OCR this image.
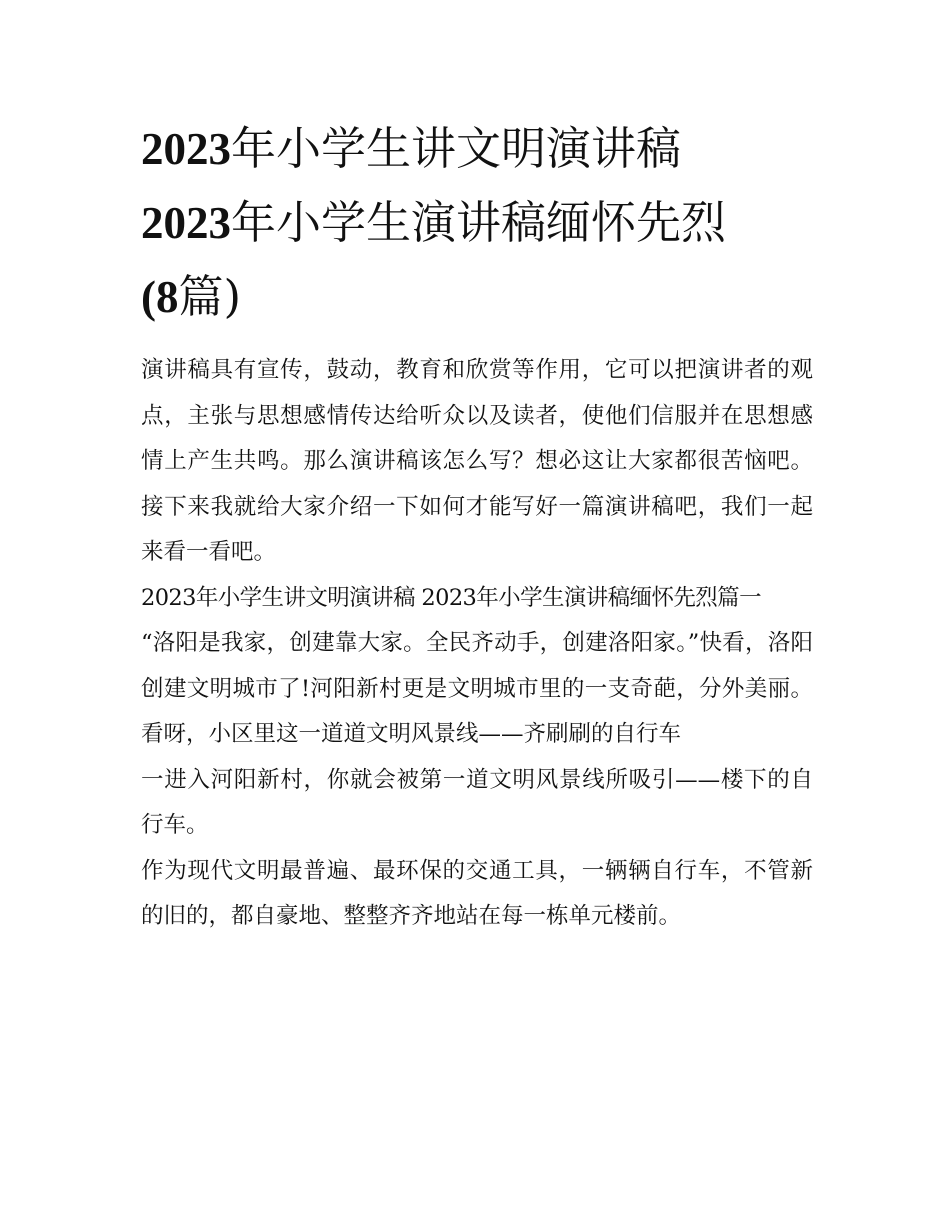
2023年小学生讲文明演讲稿
2023年小学生演讲稿缅怀先烈
(8篇)

演讲稿具有宣传，鼓动，教育和欣赏等作用，它可以把演讲者的观点，主张与思想感情传达给听众以及读者，使他们信服并在思想感情上产生共鸣。那么演讲稿该怎么写？想必这让大家都很苦恼吧。接下来我就给大家介绍一下如何才能写好一篇演讲稿吧，我们一起来看一看吧。

2023年小学生讲文明演讲稿 2023年小学生演讲稿缅怀先烈篇一

“洛阳是我家，创建靠大家。全民齐动手，创建洛阳家。”快看，洛阳创建文明城市了!河阳新村更是文明城市里的一支奇葩，分外美丽。看呀，小区里这一道道文明风景线——齐刷刷的自行车

一进入河阳新村，你就会被第一道文明风景线所吸引——楼下的自行车。

作为现代文明最普遍、最环保的交通工具，一辆辆自行车，不管新的旧的，都自豪地、整整齐齐地站在每一栋单元楼前。
